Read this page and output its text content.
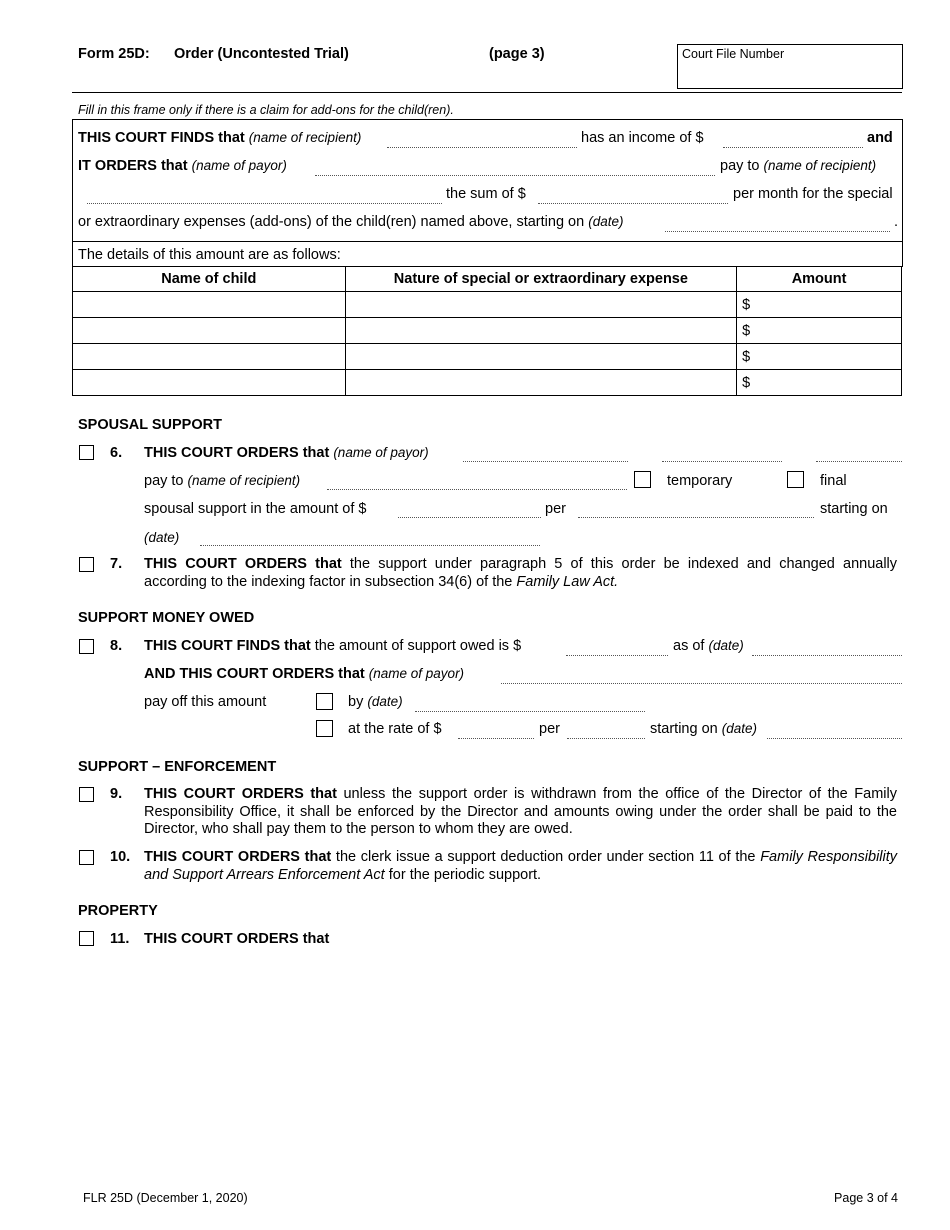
Form 25D: Order (Uncontested Trial)	(page 3)	Court File Number
Fill in this frame only if there is a claim for add-ons for the child(ren).
THIS COURT FINDS that (name of recipient)	has an income of $	and
IT ORDERS that (name of payor)	pay to (name of recipient)
the sum of $	per month for the special
or extraordinary expenses (add-ons) of the child(ren) named above, starting on (date)	.
The details of this amount are as follows:
Name of child	Nature of special or extraordinary expense	Amount
		$
		$
		$
		$
SPOUSAL SUPPORT
6. THIS COURT ORDERS that (name of payor)
pay to (name of recipient)	temporary	final
spousal support in the amount of $	per	starting on
(date)
7. THIS COURT ORDERS that the support under paragraph 5 of this order be indexed and changed annually according to the indexing factor in subsection 34(6) of the Family Law Act.
SUPPORT MONEY OWED
8. THIS COURT FINDS that the amount of support owed is $	as of (date)
AND THIS COURT ORDERS that (name of payor)
pay off this amount	by (date)
at the rate of $	per	starting on (date)
SUPPORT – ENFORCEMENT
9. THIS COURT ORDERS that unless the support order is withdrawn from the office of the Director of the Family Responsibility Office, it shall be enforced by the Director and amounts owing under the order shall be paid to the Director, who shall pay them to the person to whom they are owed.
10. THIS COURT ORDERS that the clerk issue a support deduction order under section 11 of the Family Responsibility and Support Arrears Enforcement Act for the periodic support.
PROPERTY
11. THIS COURT ORDERS that
FLR 25D (December 1, 2020)	Page 3 of 4
